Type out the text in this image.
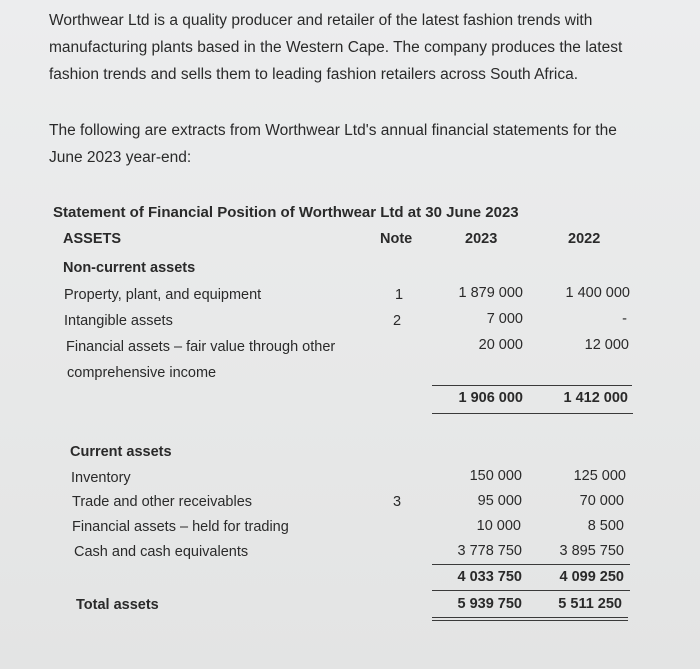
Worthwear Ltd is a quality producer and retailer of the latest fashion trends with manufacturing plants based in the Western Cape. The company produces the latest fashion trends and sells them to leading fashion retailers across South Africa.
The following are extracts from Worthwear Ltd's annual financial statements for the June 2023 year-end:
Statement of Financial Position of Worthwear Ltd at 30 June 2023
ASSETS	Note	2023	2022
Non-current assets
Property, plant, and equipment	1	1 879 000	1 400 000
Intangible assets	2	7 000	-
Financial assets – fair value through other
comprehensive income
20 000	12 000
1 906 000	1 412 000
Current assets
Inventory	150 000	125 000
Trade and other receivables	3	95 000	70 000
Financial assets – held for trading	10 000	8 500
Cash and cash equivalents	3 778 750	3 895 750
4 033 750	4 099 250
Total assets	5 939 750	5 511 250
